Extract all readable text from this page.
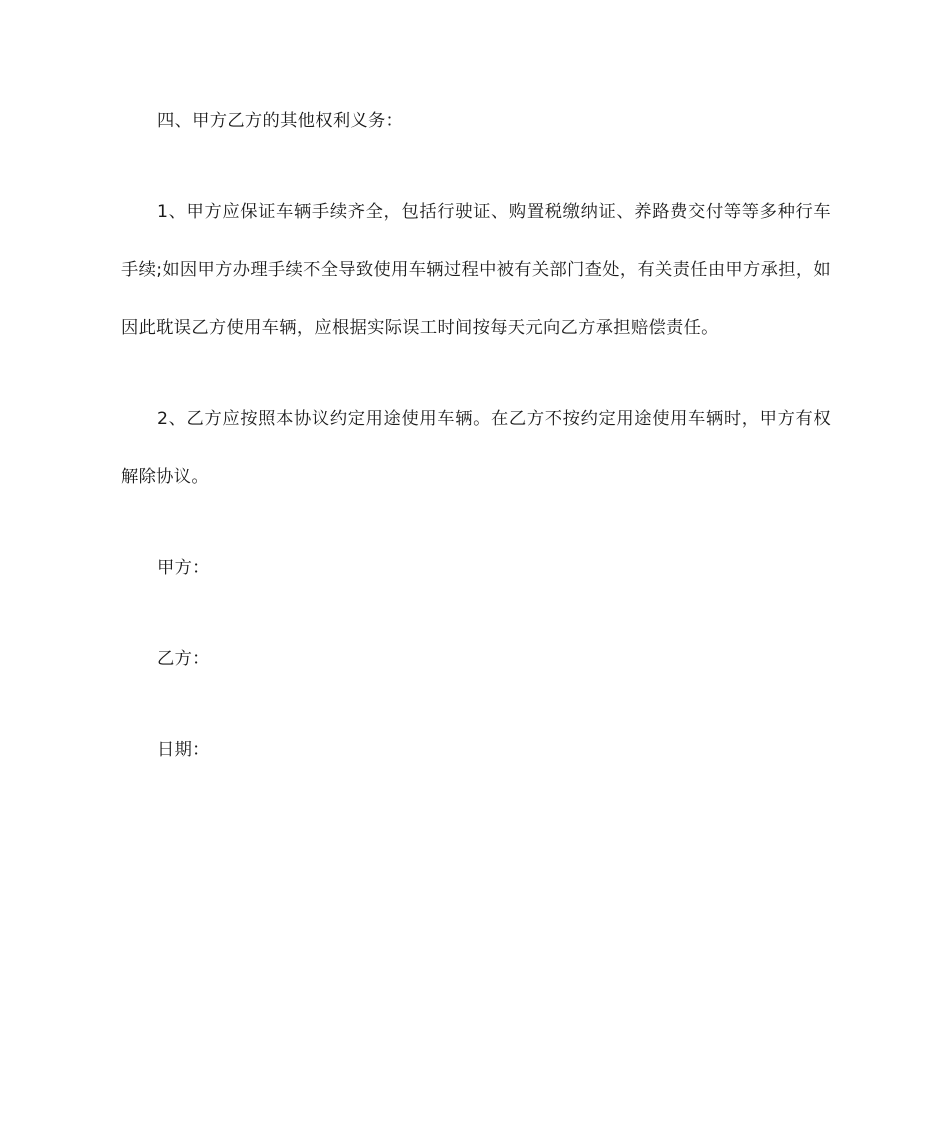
四、甲方乙方的其他权利义务：

1、甲方应保证车辆手续齐全，包括行驶证、购置税缴纳证、养路费交付等等多种行车手续;如因甲方办理手续不全导致使用车辆过程中被有关部门查处，有关责任由甲方承担，如因此耽误乙方使用车辆，应根据实际误工时间按每天元向乙方承担赔偿责任。

2、乙方应按照本协议约定用途使用车辆。在乙方不按约定用途使用车辆时，甲方有权解除协议。

甲方：

乙方：

日期：
